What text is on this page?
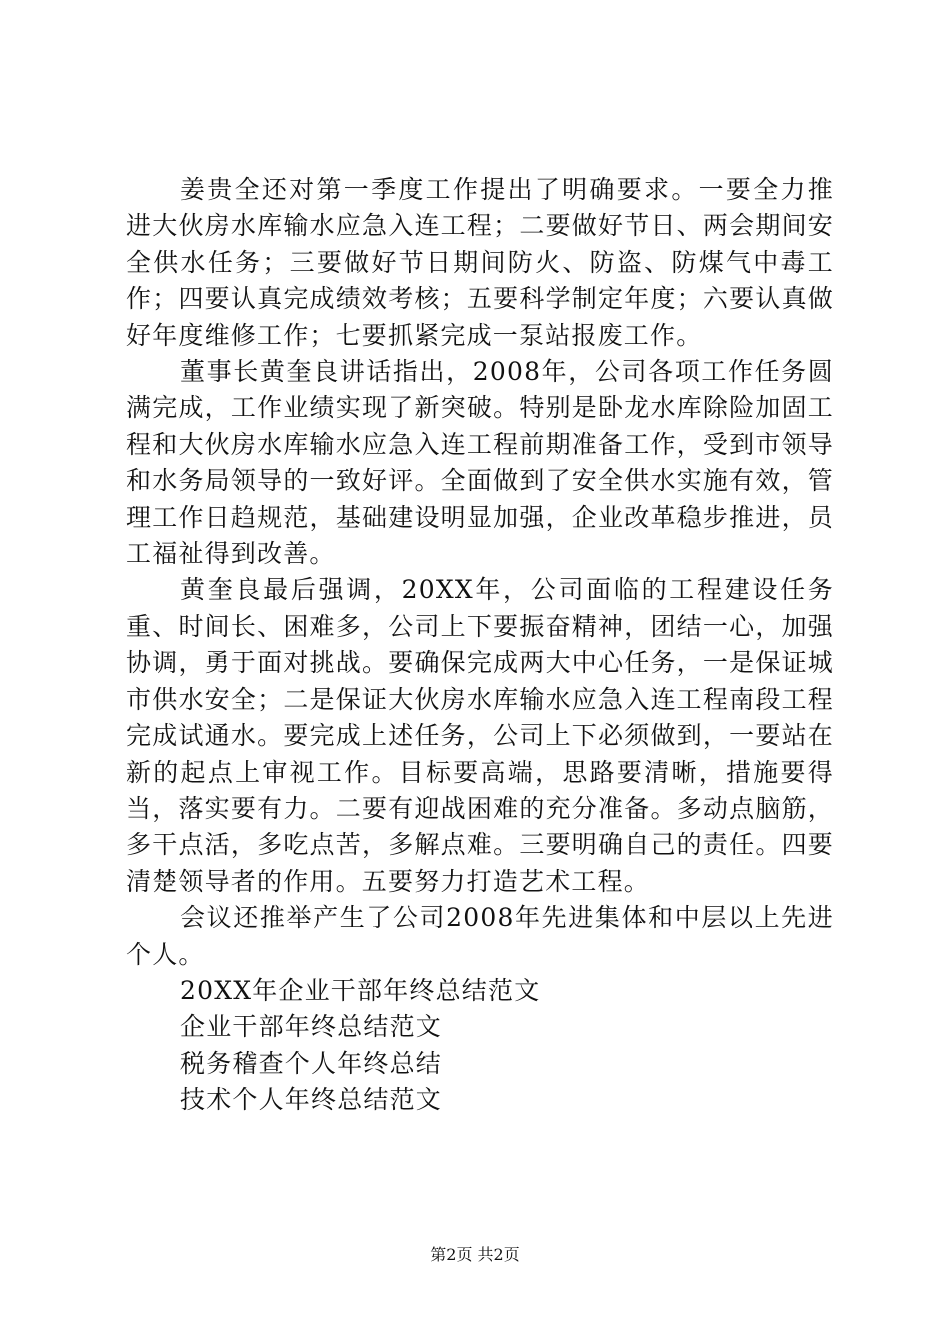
姜贵全还对第一季度工作提出了明确要求。一要全力推进大伙房水库输水应急入连工程；二要做好节日、两会期间安全供水任务；三要做好节日期间防火、防盗、防煤气中毒工作；四要认真完成绩效考核；五要科学制定年度；六要认真做好年度维修工作；七要抓紧完成一泵站报废工作。

董事长黄奎良讲话指出，2008年，公司各项工作任务圆满完成，工作业绩实现了新突破。特别是卧龙水库除险加固工程和大伙房水库输水应急入连工程前期准备工作，受到市领导和水务局领导的一致好评。全面做到了安全供水实施有效，管理工作日趋规范，基础建设明显加强，企业改革稳步推进，员工福祉得到改善。

黄奎良最后强调，20XX年，公司面临的工程建设任务重、时间长、困难多，公司上下要振奋精神，团结一心，加强协调，勇于面对挑战。要确保完成两大中心任务，一是保证城市供水安全；二是保证大伙房水库输水应急入连工程南段工程完成试通水。要完成上述任务，公司上下必须做到，一要站在新的起点上审视工作。目标要高端，思路要清晰，措施要得当，落实要有力。二要有迎战困难的充分准备。多动点脑筋，多干点活，多吃点苦，多解点难。三要明确自己的责任。四要清楚领导者的作用。五要努力打造艺术工程。

会议还推举产生了公司2008年先进集体和中层以上先进个人。

20XX年企业干部年终总结范文
企业干部年终总结范文
税务稽查个人年终总结
技术个人年终总结范文
第2页 共2页
